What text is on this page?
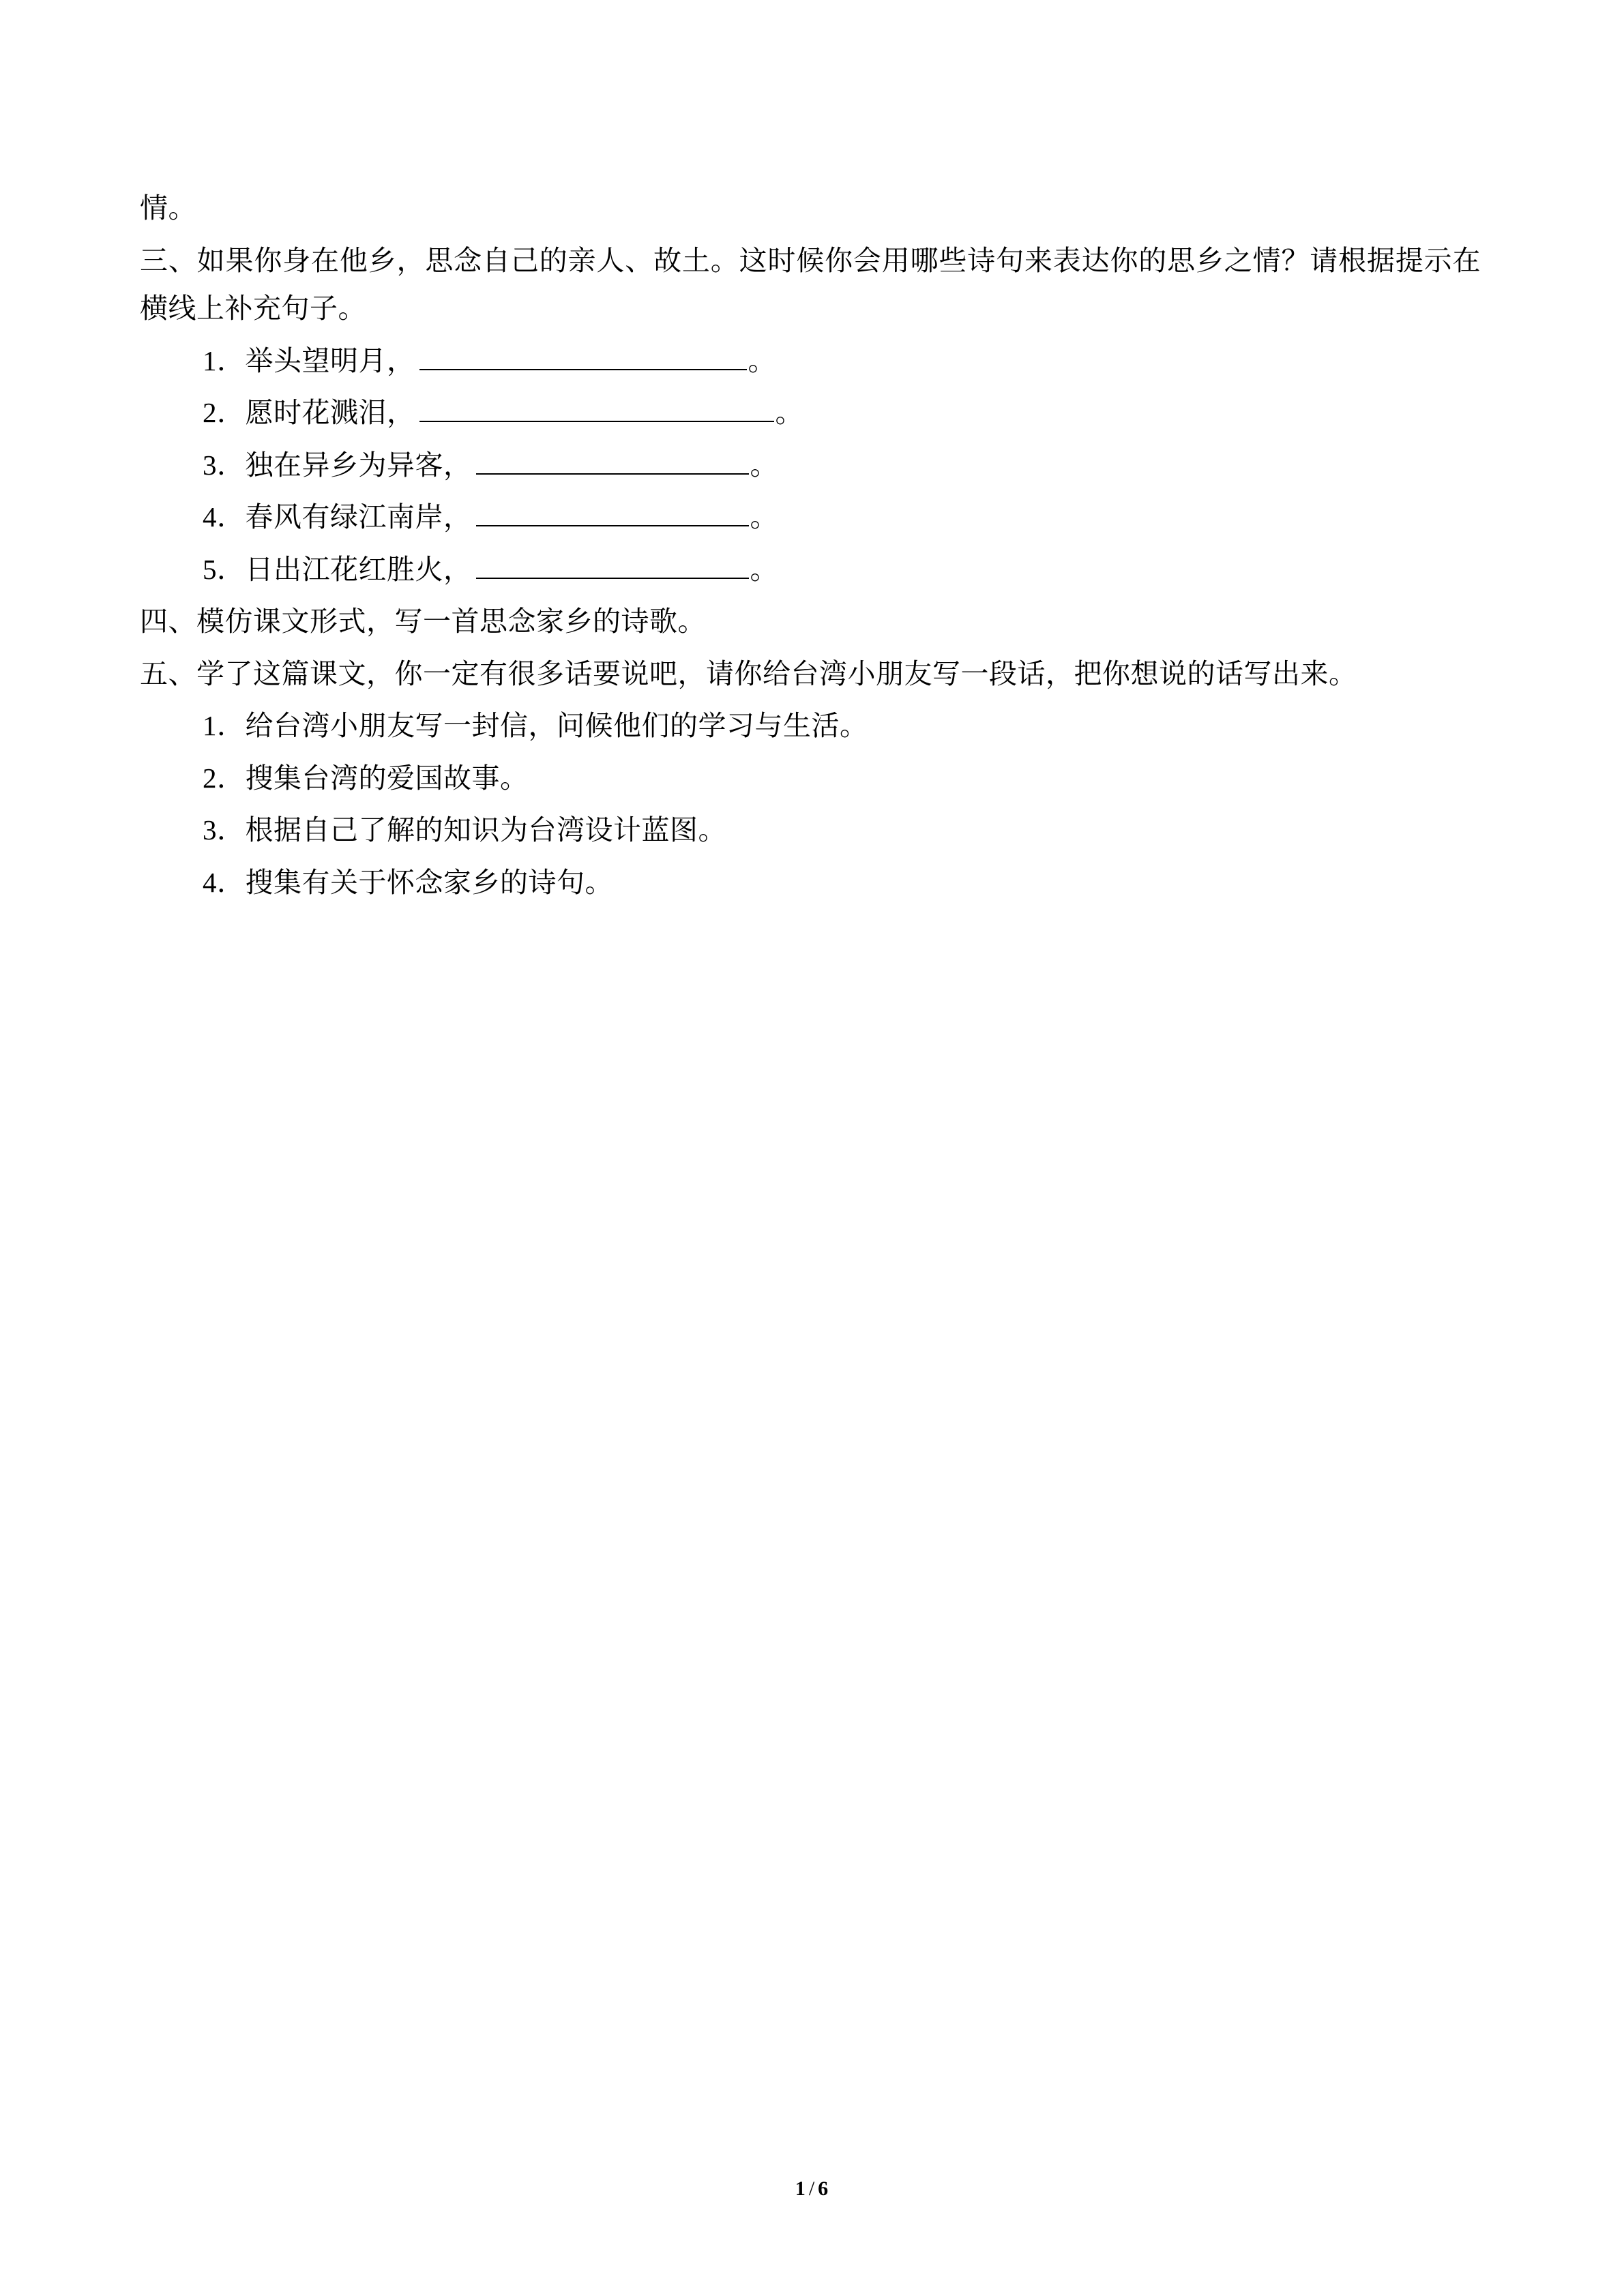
情。

三、如果你身在他乡，思念自己的亲人、故土。这时候你会用哪些诗句来表达你的思乡之情？请根据提示在横线上补充句子。

1．举头望明月，	。
2．愿时花溅泪，	。
3．独在异乡为异客，	。
4．春风有绿江南岸，	。
5．日出江花红胜火，	。

四、模仿课文形式，写一首思念家乡的诗歌。

五、学了这篇课文，你一定有很多话要说吧，请你给台湾小朋友写一段话，把你想说的话写出来。

1．给台湾小朋友写一封信，问候他们的学习与生活。
2．搜集台湾的爱国故事。
3．根据自己了解的知识为台湾设计蓝图。
4．搜集有关于怀念家乡的诗句。
1 / 6
